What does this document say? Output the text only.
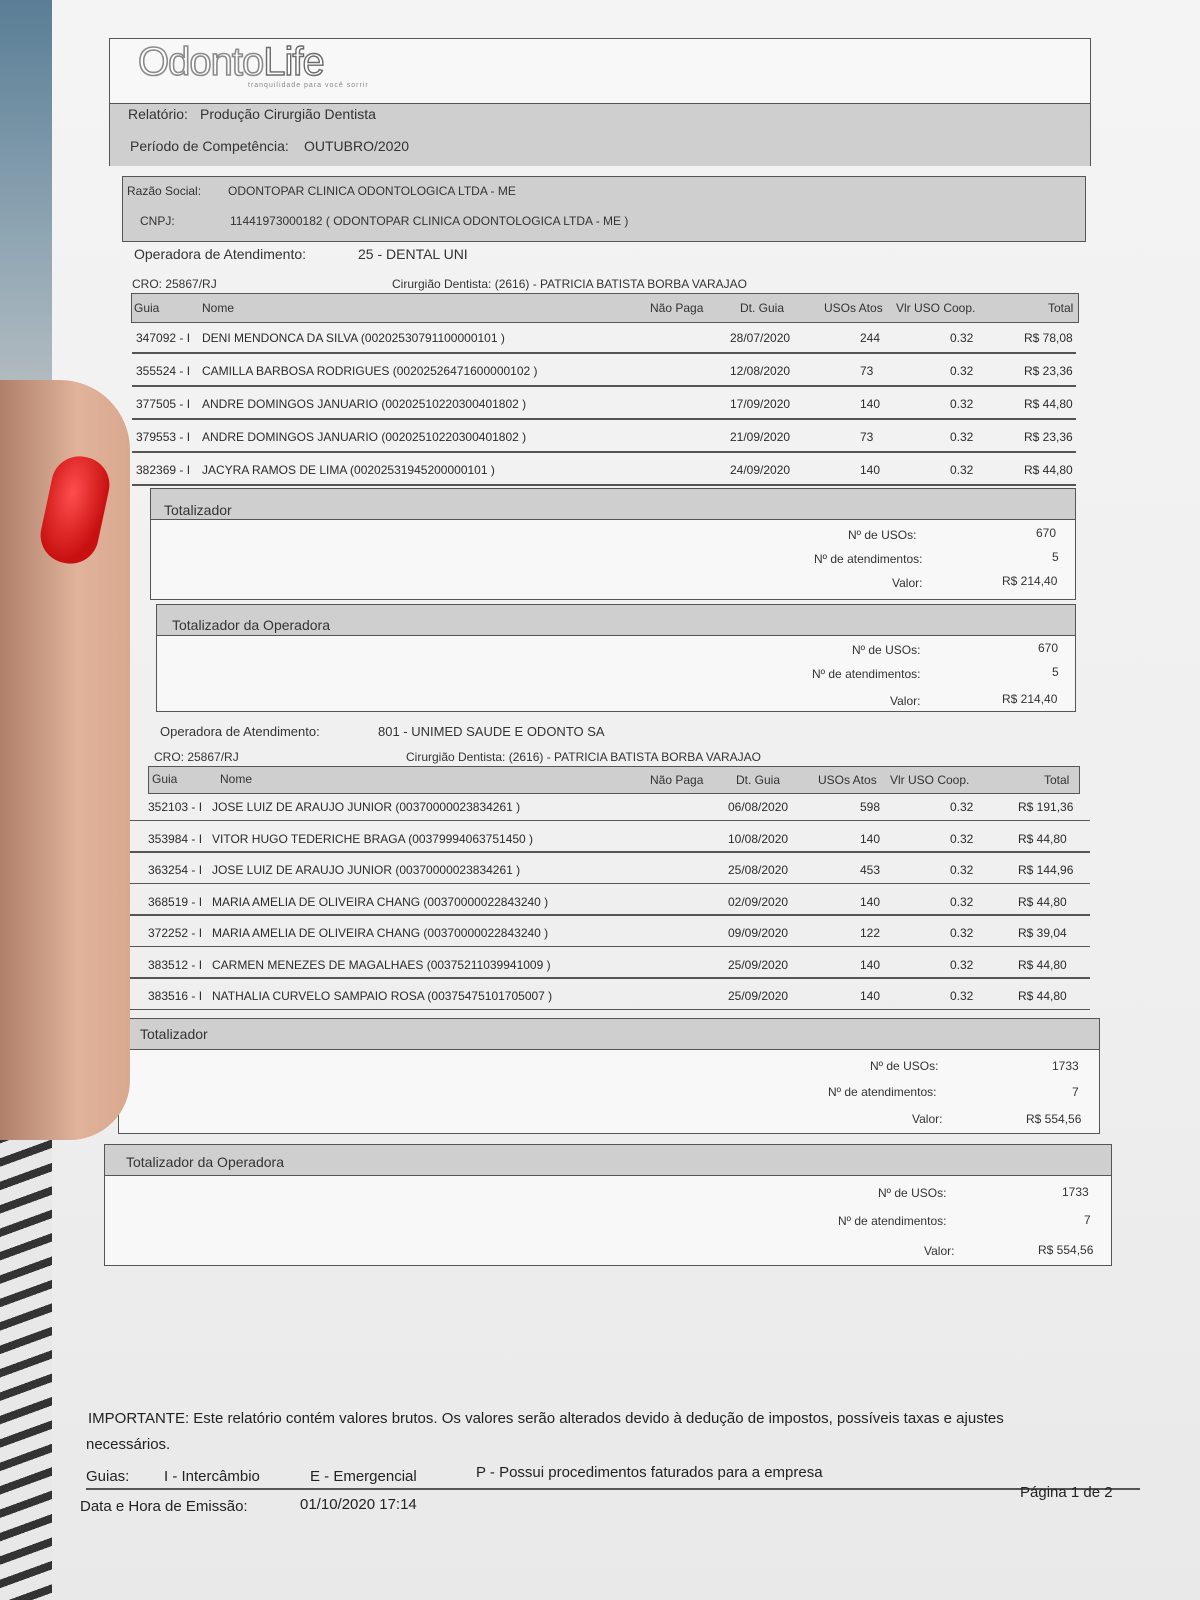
OdontoLife
tranquilidade para você sorrir
Relatório: Produção Cirurgião Dentista
Período de Competência: OUTUBRO/2020
Razão Social: ODONTOPAR CLINICA ODONTOLOGICA LTDA - ME
CNPJ:	11441973000182 ( ODONTOPAR CLINICA ODONTOLOGICA LTDA - ME )
Operadora de Atendimento:	25 - DENTAL UNI
CRO: 25867/RJ	Cirurgião Dentista: (2616) - PATRICIA BATISTA BORBA VARAJAO
Guia	Nome	Não Paga	Dt. Guia	USOs Atos Vlr USO Coop.	Total
347092 - I DENI MENDONCA DA SILVA (00202530791100000101 )	28/07/2020	244	0.32	R$ 78,08
355524 - I CAMILLA BARBOSA RODRIGUES (00202526471600000102 )	12/08/2020	73	0.32	R$ 23,36
377505 - I ANDRE DOMINGOS JANUARIO (00202510220300401802 )	17/09/2020	140	0.32	R$ 44,80
379553 - I ANDRE DOMINGOS JANUARIO (00202510220300401802 )	21/09/2020	73	0.32	R$ 23,36
382369 - I JACYRA RAMOS DE LIMA (00202531945200000101 )	24/09/2020	140	0.32	R$ 44,80
Totalizador
Nº de USOs:	670
Nº de atendimentos:	5
Valor:	R$ 214,40
Totalizador da Operadora
Nº de USOs:	670
Nº de atendimentos:	5
Valor:	R$ 214,40
Operadora de Atendimento:	801 - UNIMED SAUDE E ODONTO SA
CRO: 25867/RJ	Cirurgião Dentista: (2616) - PATRICIA BATISTA BORBA VARAJAO
Guia	Nome	Não Paga	Dt. Guia	USOs Atos Vlr USO Coop.	Total
352103 - I JOSE LUIZ DE ARAUJO JUNIOR (00370000023834261 )	06/08/2020	598	0.32	R$ 191,36
353984 - I VITOR HUGO TEDERICHE BRAGA (00379994063751450 )	10/08/2020	140	0.32	R$ 44,80
363254 - I JOSE LUIZ DE ARAUJO JUNIOR (00370000023834261 )	25/08/2020	453	0.32	R$ 144,96
368519 - I MARIA AMELIA DE OLIVEIRA CHANG (00370000022843240 )	02/09/2020	140	0.32	R$ 44,80
372252 - I MARIA AMELIA DE OLIVEIRA CHANG (00370000022843240 )	09/09/2020	122	0.32	R$ 39,04
383512 - I CARMEN MENEZES DE MAGALHAES (00375211039941009 )	25/09/2020	140	0.32	R$ 44,80
383516 - I NATHALIA CURVELO SAMPAIO ROSA (00375475101705007 )	25/09/2020	140	0.32	R$ 44,80
Totalizador
Nº de USOs:	1733
Nº de atendimentos:	7
Valor:	R$ 554,56
Totalizador da Operadora
Nº de USOs:	1733
Nº de atendimentos:	7
Valor:	R$ 554,56
IMPORTANTE: Este relatório contém valores brutos. Os valores serão alterados devido à dedução de impostos, possíveis taxas e ajustes
necessários.
Guias: I - Intercâmbio	E - Emergencial	P - Possui procedimentos faturados para a empresa
Data e Hora de Emissão:	01/10/2020 17:14
Página 1 de 2
